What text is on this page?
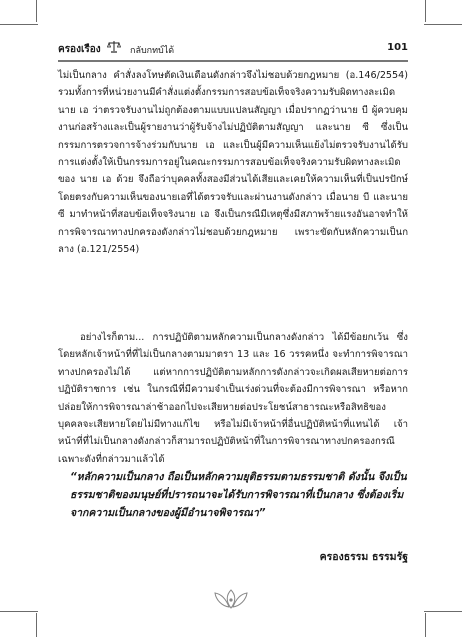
ครองเรือง	กลับกทบ์ได้	101

ไม่เป็นกลาง คำสั่งลงโทษตัดเงินเดือนดังกล่าวจึงไม่ชอบด้วยกฎหมาย (อ.146/2554) รวมทั้งการที่หน่วยงานมีคำสั่งแต่งตั้งกรรมการสอบข้อเท็จจริงความรับผิดทางละเมิดนาย เอ ว่าตรวจรับงานไม่ถูกต้องตามแบบแปลนสัญญา เมื่อปรากฏว่านาย บี ผู้ควบคุมงานก่อสร้างและเป็นผู้รายงานว่าผู้รับจ้างไม่ปฏิบัติตามสัญญา และนาย ซี ซึ่งเป็นกรรมการตรวจการจ้างร่วมกับนาย เอ และเป็นผู้มีความเห็นแย้งไม่ตรวจรับงานได้รับการแต่งตั้งให้เป็นกรรมการอยู่ในคณะกรรมการสอบข้อเท็จจริงความรับผิดทางละเมิดของ นาย เอ ด้วย จึงถือว่าบุคคลทั้งสองมีส่วนได้เสียและเคยให้ความเห็นที่เป็นปรปักษ์โดยตรงกับความเห็นของนายเอที่ได้ตรวจรับและผ่านงานดังกล่าว เมื่อนาย บี และนาย ซี มาทำหน้าที่สอบข้อเท็จจริงนาย เอ จึงเป็นกรณีมีเหตุซึ่งมีสภาพร้ายแรงอันอาจทำให้การพิจารณาทางปกครองดังกล่าวไม่ชอบด้วยกฎหมาย เพราะขัดกับหลักความเป็นกลาง (อ.121/2554)

อย่างไรก็ตาม... การปฏิบัติตามหลักความเป็นกลางดังกล่าว ได้มีข้อยกเว้น ซึ่งโดยหลักเจ้าหน้าที่ที่ไม่เป็นกลางตามมาตรา 13 และ 16 วรรคหนึ่ง จะทำการพิจารณาทางปกครองไม่ได้ แต่หากการปฏิบัติตามหลักการดังกล่าวจะเกิดผลเสียหายต่อการปฏิบัติราชการ เช่น ในกรณีที่มีความจำเป็นเร่งด่วนที่จะต้องมีการพิจารณา หรือหากปล่อยให้การพิจารณาล่าช้าออกไปจะเสียหายต่อประโยชน์สาธารณะหรือสิทธิของบุคคลจะเสียหายโดยไม่มีทางแก้ไข หรือไม่มีเจ้าหน้าที่อื่นปฏิบัติหน้าที่แทนได้ เจ้าหน้าที่ที่ไม่เป็นกลางดังกล่าวก็สามารถปฏิบัติหน้าที่ในการพิจารณาทางปกครองกรณีเฉพาะดังที่กล่าวมาแล้วได้

“หลักความเป็นกลาง ถือเป็นหลักความยุติธรรมตามธรรมชาติ ดังนั้น จึงเป็นธรรมชาติของมนุษย์ที่ปรารถนาจะได้รับการพิจารณาที่เป็นกลาง ซึ่งต้องเริ่มจากความเป็นกลางของผู้มีอำนาจพิจารณา”

ครองธรรม ธรรมรัฐ
